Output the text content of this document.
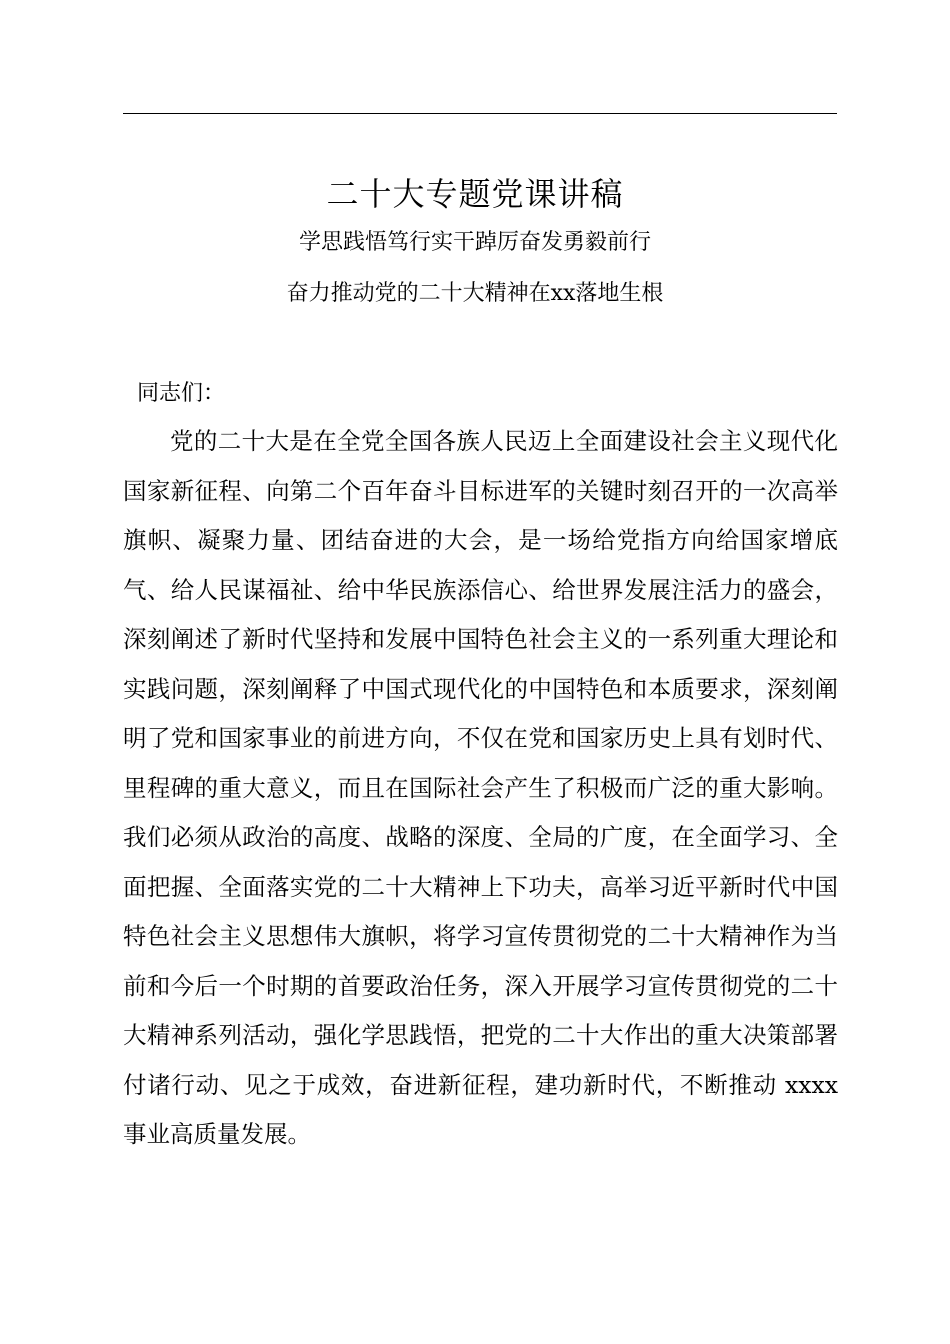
二十大专题党课讲稿
学思践悟笃行实干踔厉奋发勇毅前行
奋力推动党的二十大精神在xx落地生根
同志们：

党的二十大是在全党全国各族人民迈上全面建设社会主义现代化国家新征程、向第二个百年奋斗目标进军的关键时刻召开的一次高举旗帜、凝聚力量、团结奋进的大会，是一场给党指方向给国家增底气、给人民谋福祉、给中华民族添信心、给世界发展注活力的盛会，深刻阐述了新时代坚持和发展中国特色社会主义的一系列重大理论和实践问题，深刻阐释了中国式现代化的中国特色和本质要求，深刻阐明了党和国家事业的前进方向，不仅在党和国家历史上具有划时代、里程碑的重大意义，而且在国际社会产生了积极而广泛的重大影响。我们必须从政治的高度、战略的深度、全局的广度，在全面学习、全面把握、全面落实党的二十大精神上下功夫，高举习近平新时代中国特色社会主义思想伟大旗帜，将学习宣传贯彻党的二十大精神作为当前和今后一个时期的首要政治任务，深入开展学习宣传贯彻党的二十大精神系列活动，强化学思践悟，把党的二十大作出的重大决策部署付诸行动、见之于成效，奋进新征程，建功新时代，不断推动 xxxx 事业高质量发展。
